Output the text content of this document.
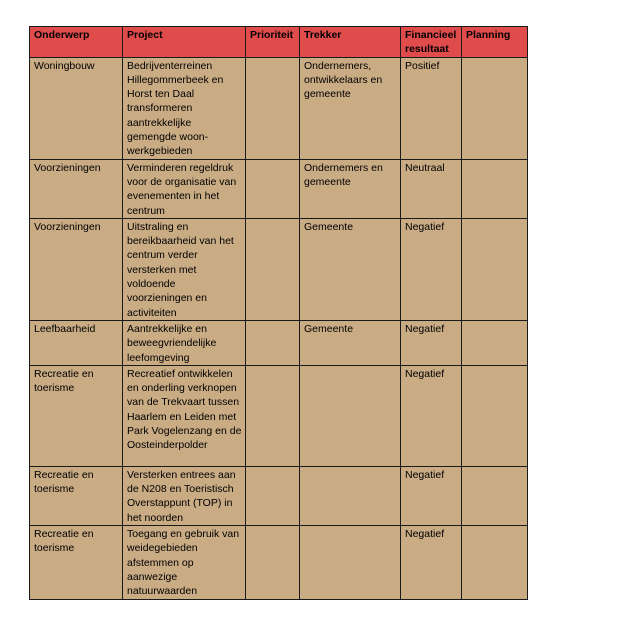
Onderwerp	Project	Prioriteit	Trekker	Financieel resultaat	Planning
Woningbouw	Bedrijventerreinen Hillegommerbeek en Horst ten Daal transformeren aantrekkelijke gemengde woon-werkgebieden		Ondernemers, ontwikkelaars en gemeente	Positief	
Voorzieningen	Verminderen regeldruk voor de organisatie van evenementen in het centrum		Ondernemers en gemeente	Neutraal	
Voorzieningen	Uitstraling en bereikbaarheid van het centrum verder versterken met voldoende voorzieningen en activiteiten		Gemeente	Negatief	
Leefbaarheid	Aantrekkelijke en beweegvriendelijke leefomgeving		Gemeente	Negatief	
Recreatie en toerisme	Recreatief ontwikkelen en onderling verknopen van de Trekvaart tussen Haarlem en Leiden met Park Vogelenzang en de Oosteinderpolder			Negatief	
Recreatie en toerisme	Versterken entrees aan de N208 en Toeristisch Overstappunt (TOP) in het noorden			Negatief	
Recreatie en toerisme	Toegang en gebruik van weidegebieden afstemmen op aanwezige natuurwaarden			Negatief	
